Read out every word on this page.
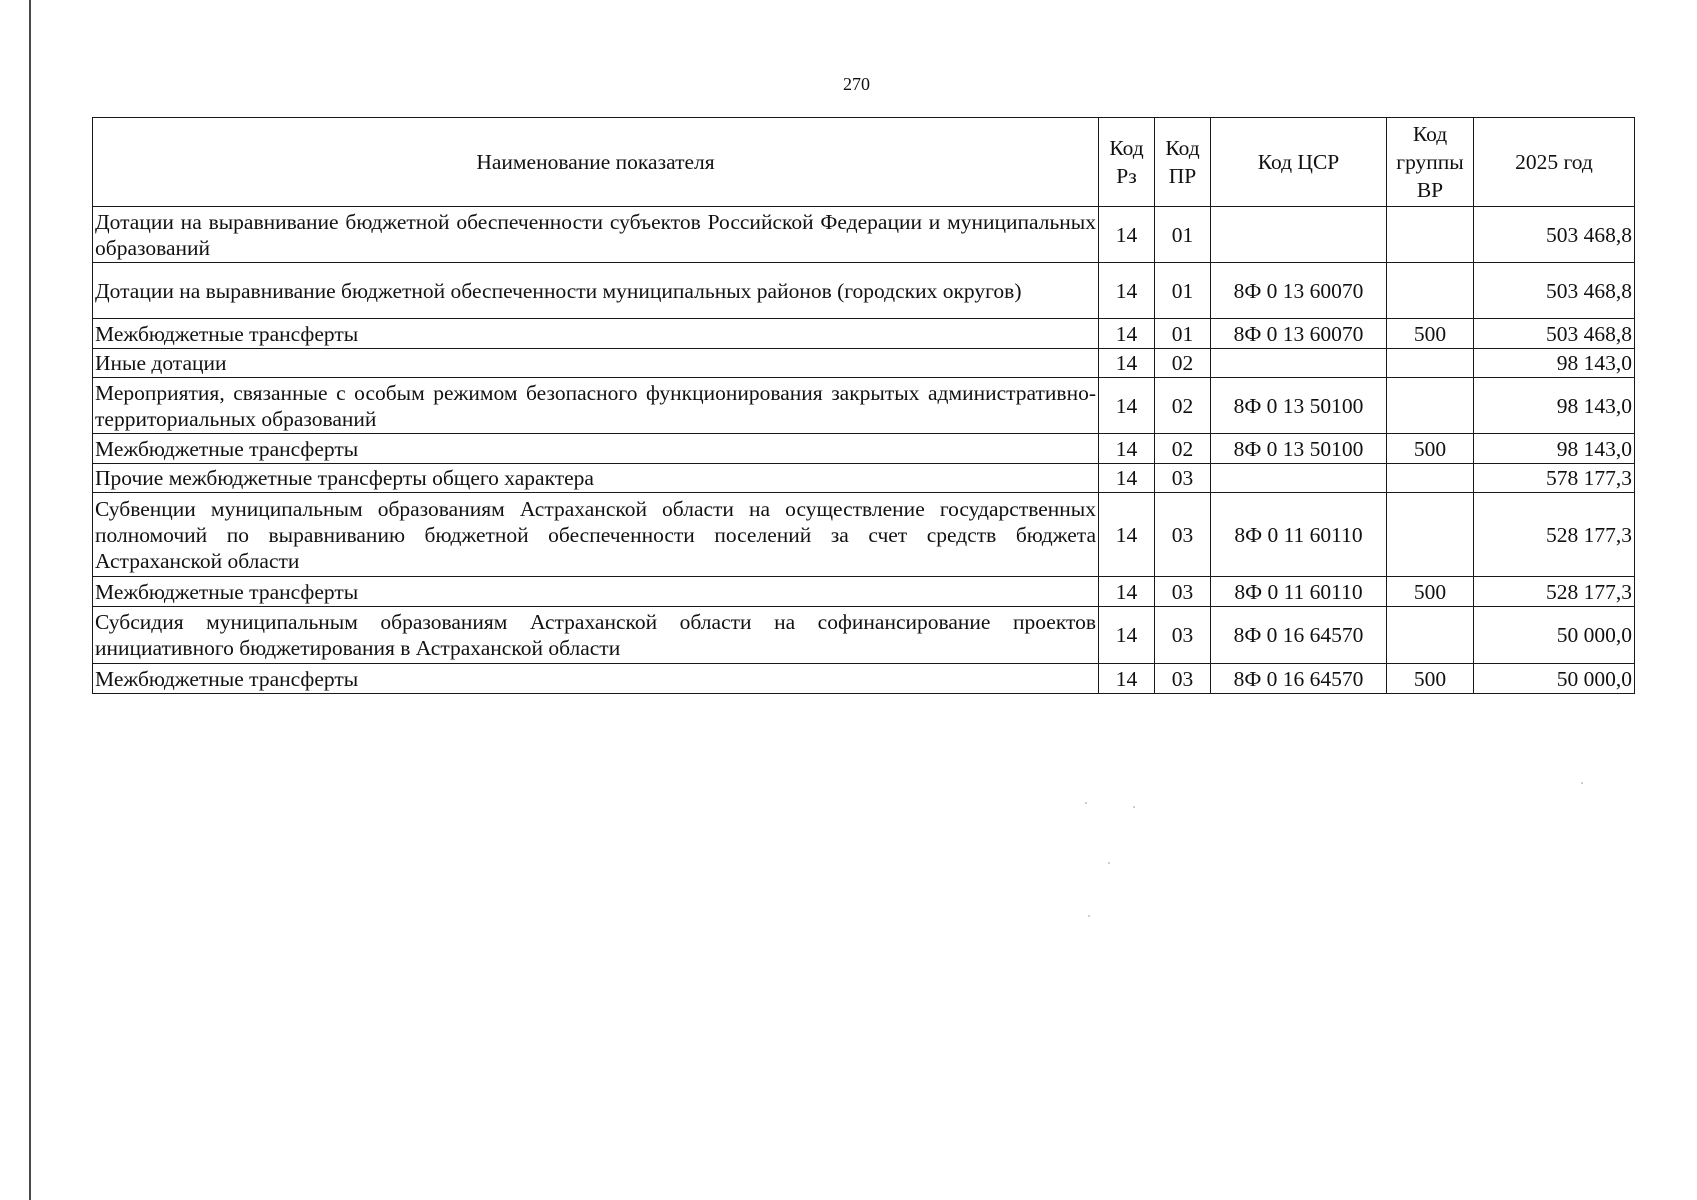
270
Наименование показателя	Код Рз	Код ПР	Код ЦСР	Код группы ВР	2025 год
Дотации на выравнивание бюджетной обеспеченности субъектов Российской Федерации и муниципальных образований	14	01			503 468,8
Дотации на выравнивание бюджетной обеспеченности муниципальных районов (городских округов)	14	01	8Ф 0 13 60070		503 468,8
Межбюджетные трансферты	14	01	8Ф 0 13 60070	500	503 468,8
Иные дотации	14	02			98 143,0
Мероприятия, связанные с особым режимом безопасного функционирования закрытых административно-территориальных образований	14	02	8Ф 0 13 50100		98 143,0
Межбюджетные трансферты	14	02	8Ф 0 13 50100	500	98 143,0
Прочие межбюджетные трансферты общего характера	14	03			578 177,3
Субвенции муниципальным образованиям Астраханской области на осуществление государственных полномочий по выравниванию бюджетной обеспеченности поселений за счет средств бюджета Астраханской области	14	03	8Ф 0 11 60110		528 177,3
Межбюджетные трансферты	14	03	8Ф 0 11 60110	500	528 177,3
Субсидия муниципальным образованиям Астраханской области на софинансирование проектов инициативного бюджетирования в Астраханской области	14	03	8Ф 0 16 64570		50 000,0
Межбюджетные трансферты	14	03	8Ф 0 16 64570	500	50 000,0
